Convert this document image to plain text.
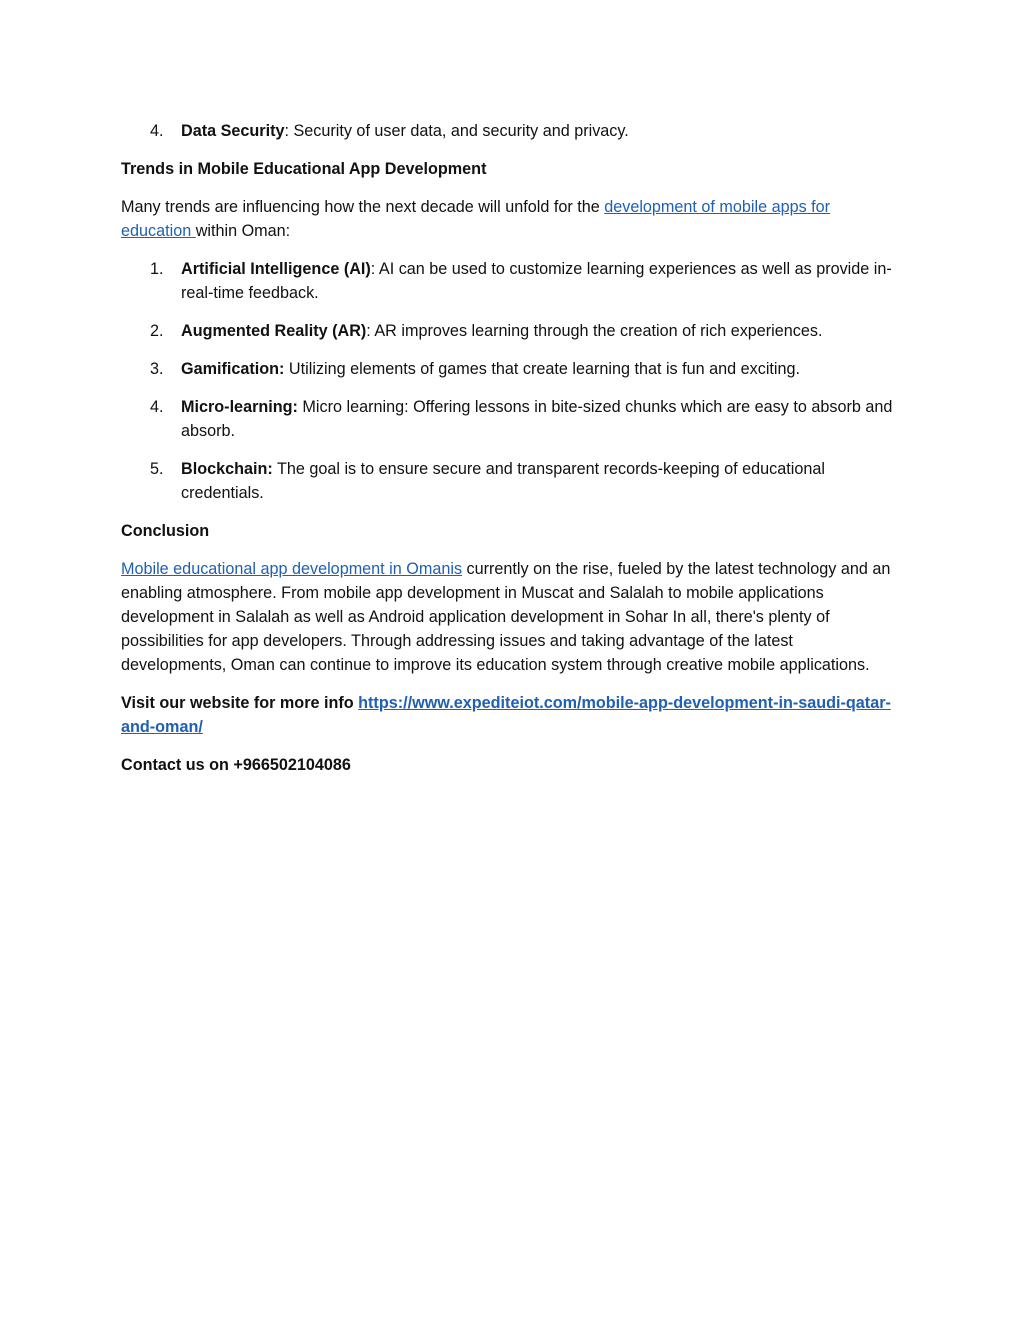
4. Data Security: Security of user data, and security and privacy.

Trends in Mobile Educational App Development

Many trends are influencing how the next decade will unfold for the development of mobile apps for education within Oman:

1. Artificial Intelligence (AI): AI can be used to customize learning experiences as well as provide in-real-time feedback.
2. Augmented Reality (AR): AR improves learning through the creation of rich experiences.
3. Gamification: Utilizing elements of games that create learning that is fun and exciting.
4. Micro-learning: Micro learning: Offering lessons in bite-sized chunks which are easy to absorb and absorb.
5. Blockchain: The goal is to ensure secure and transparent records-keeping of educational credentials.

Conclusion

Mobile educational app development in Omanis currently on the rise, fueled by the latest technology and an enabling atmosphere. From mobile app development in Muscat and Salalah to mobile applications development in Salalah as well as Android application development in Sohar In all, there's plenty of possibilities for app developers. Through addressing issues and taking advantage of the latest developments, Oman can continue to improve its education system through creative mobile applications.

Visit our website for more info https://www.expediteiot.com/mobile-app-development-in-saudi-qatar-and-oman/

Contact us on +966502104086
